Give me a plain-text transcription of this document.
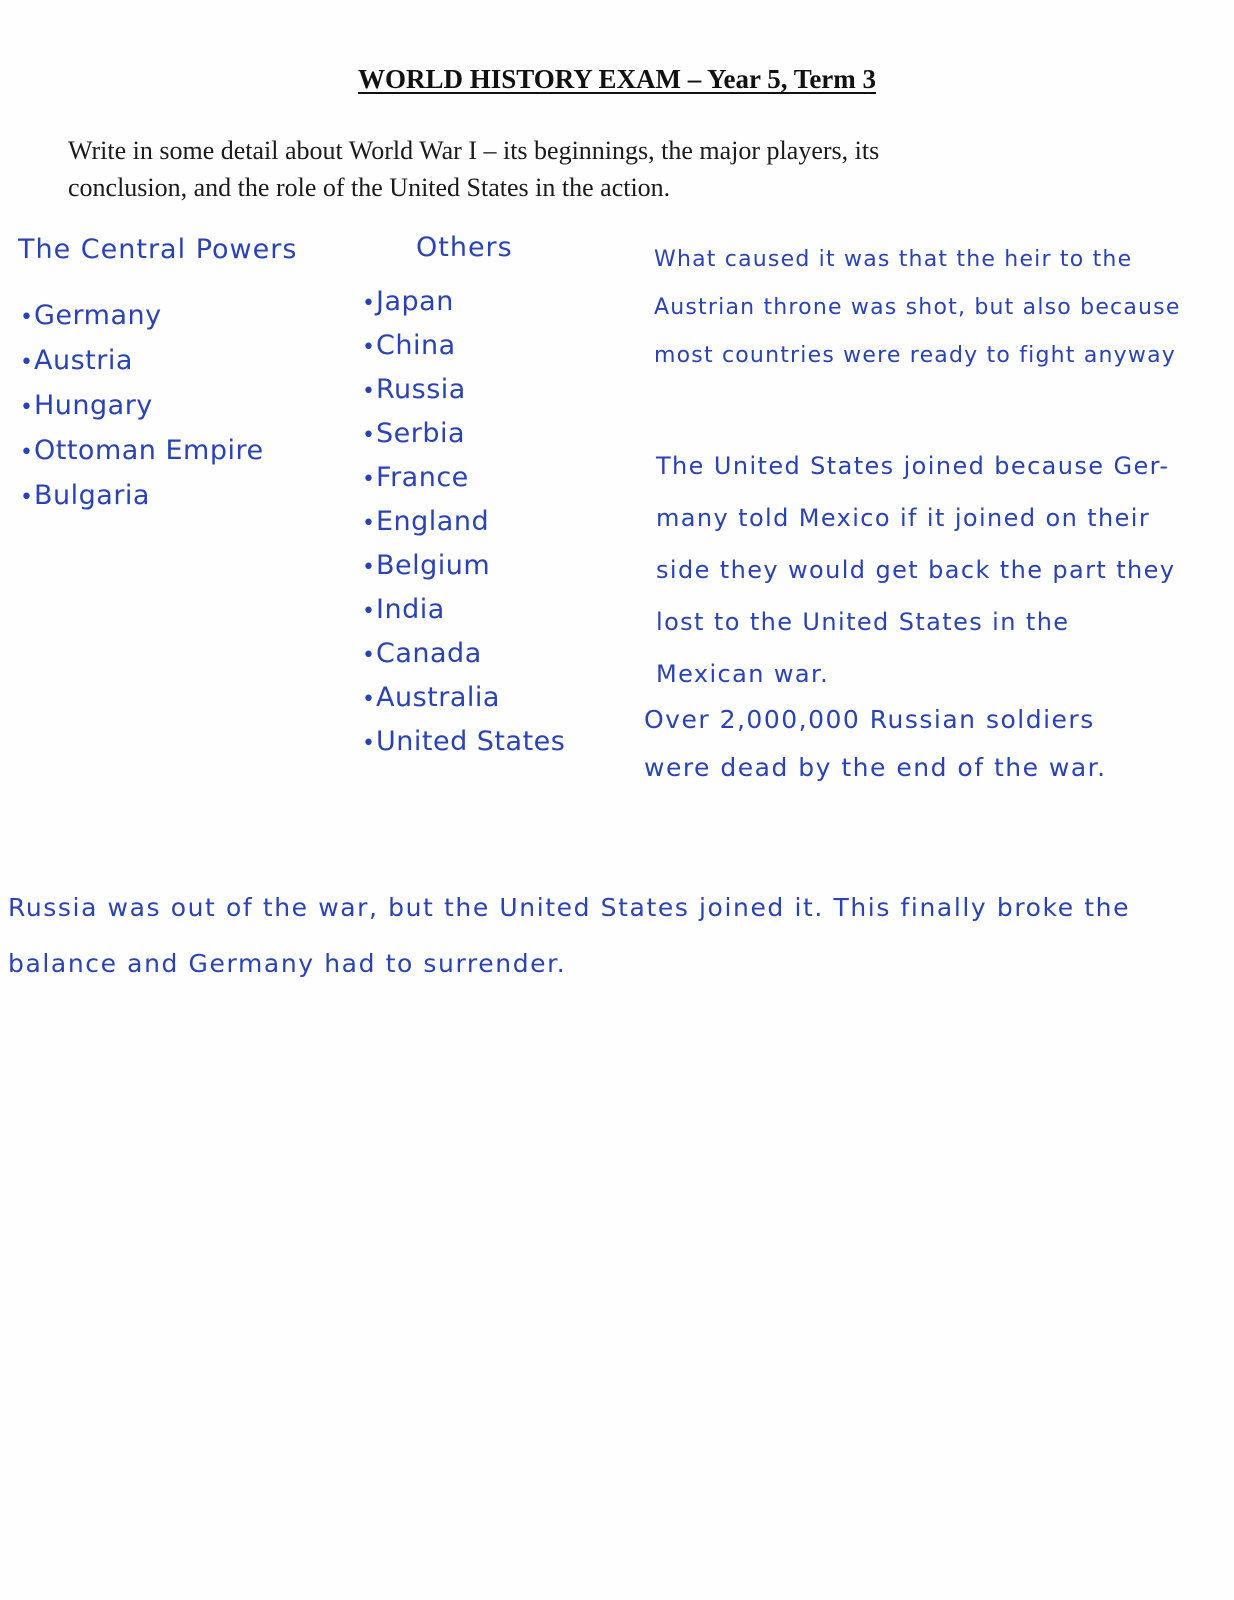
WORLD HISTORY EXAM – Year 5, Term 3
Write in some detail about World War I – its beginnings, the major players, its
conclusion, and the role of the United States in the action.
The Central Powers
• Germany
• Austria
• Hungary
• Ottoman Empire
• Bulgaria
Others
• Japan
• China
• Russia
• Serbia
• France
• England
• Belgium
• India
• Canada
• Australia
• United States
What caused it was that the heir to the
Austrian throne was shot, but also because
most countries were ready to fight anyway
The United States joined because Ger-
many told Mexico if it joined on their
side they would get back the part they
lost to the United States in the
Mexican war.
Over 2,000,000 Russian soldiers
were dead by the end of the war.
Russia was out of the war, but the United States joined it. This finally broke the
balance and Germany had to surrender.
